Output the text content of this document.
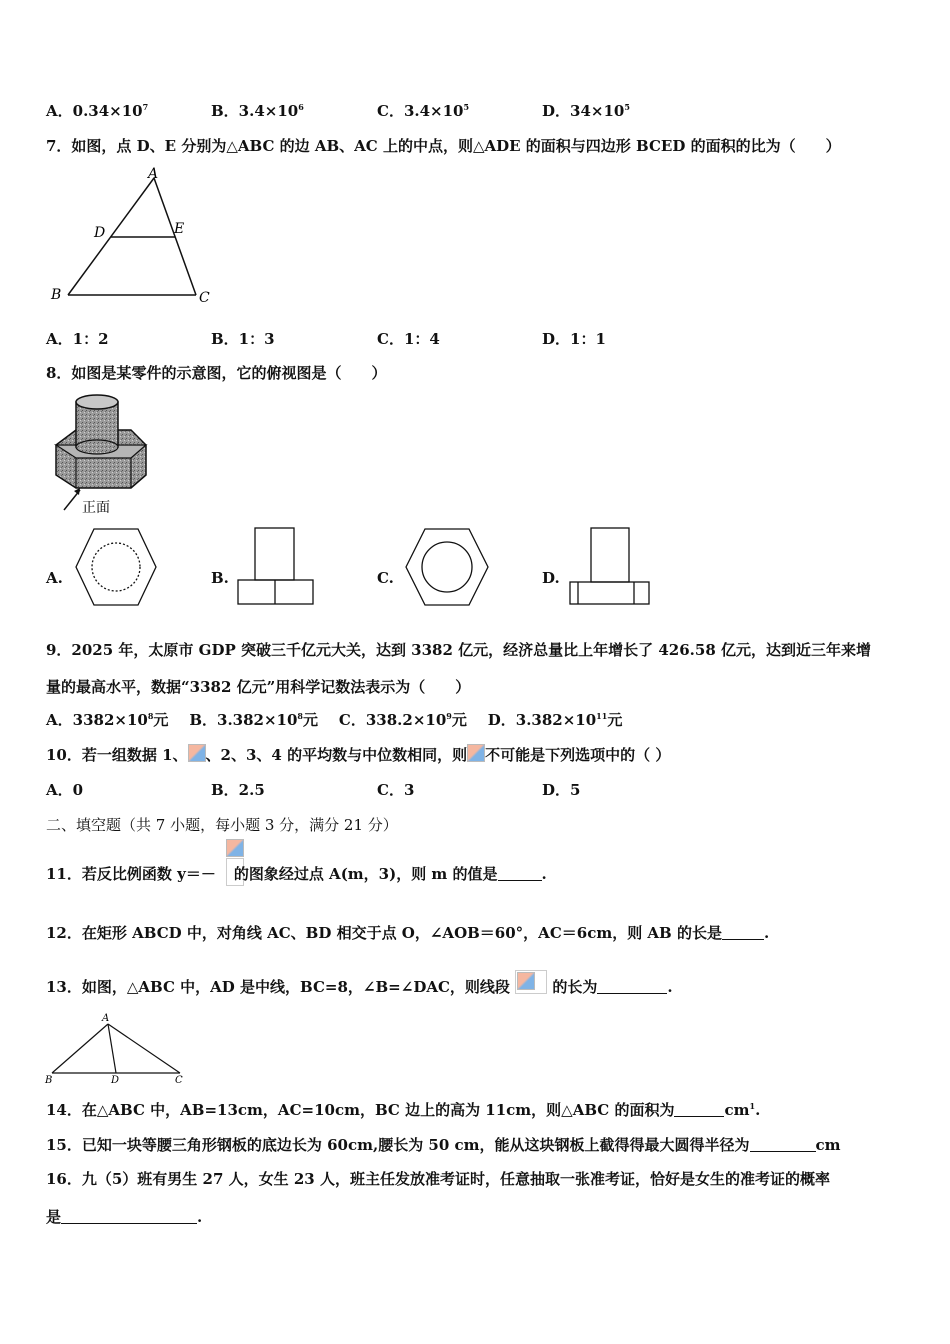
A．$0.34\times 10^7$	B．$3.4\times 10^6$	C．$3.4\times 10^5$	D．$34\times 10^5$
7．如图，点 D、E 分别为△ABC 的边 AB、AC 上的中点，则△ADE 的面积与四边形 BCED 的面积的比为（　　）
A
D	E
B	C
A．1：2	B．1：3	C．1：4	D．1：1
8．如图是某零件的示意图，它的俯视图是（　　）
正面
A.	B.	C.	D.
9．2025 年，太原市 GDP 突破三千亿元大关，达到 3382 亿元，经济总量比上年增长了 426.58 亿元，达到近三年来增
量的最高水平，数据“3382 亿元”用科学记数法表示为（　　）
A．$3382\times 10^8$元 B．$3.382\times 10^8$元 C．$338.2\times 10^9$元 D．$3.382\times 10^{11}$元
10．若一组数据 1、 、2、3、4 的平均数与中位数相同，则 不可能是下列选项中的（ ）
A．0	B．2.5	C．3	D．5
二、填空题（共 7 小题，每小题 3 分，满分 21 分）
11．若反比例函数 y＝－ 的图象经过点 A(m，3)，则 m 的值是	.
12．在矩形 ABCD 中，对角线 AC、BD 相交于点 O，∠AOB＝60°，AC＝6cm，则 AB 的长是	.
13．如图，△ABC 中，AD 是中线，BC=8，∠B=∠DAC，则线段	的长为	.
A
B	D	C
14．在△ABC 中，AB=13cm，AC=10cm，BC 边上的高为 11cm，则△ABC 的面积为	$cm^1$.
15．已知一块等腰三角形钢板的底边长为 60cm,腰长为 50 cm，能从这块钢板上截得得最大圆得半径为	cm
16．九（5）班有男生 27 人，女生 23 人，班主任发放准考证时，任意抽取一张准考证，恰好是女生的准考证的概率
是	.
